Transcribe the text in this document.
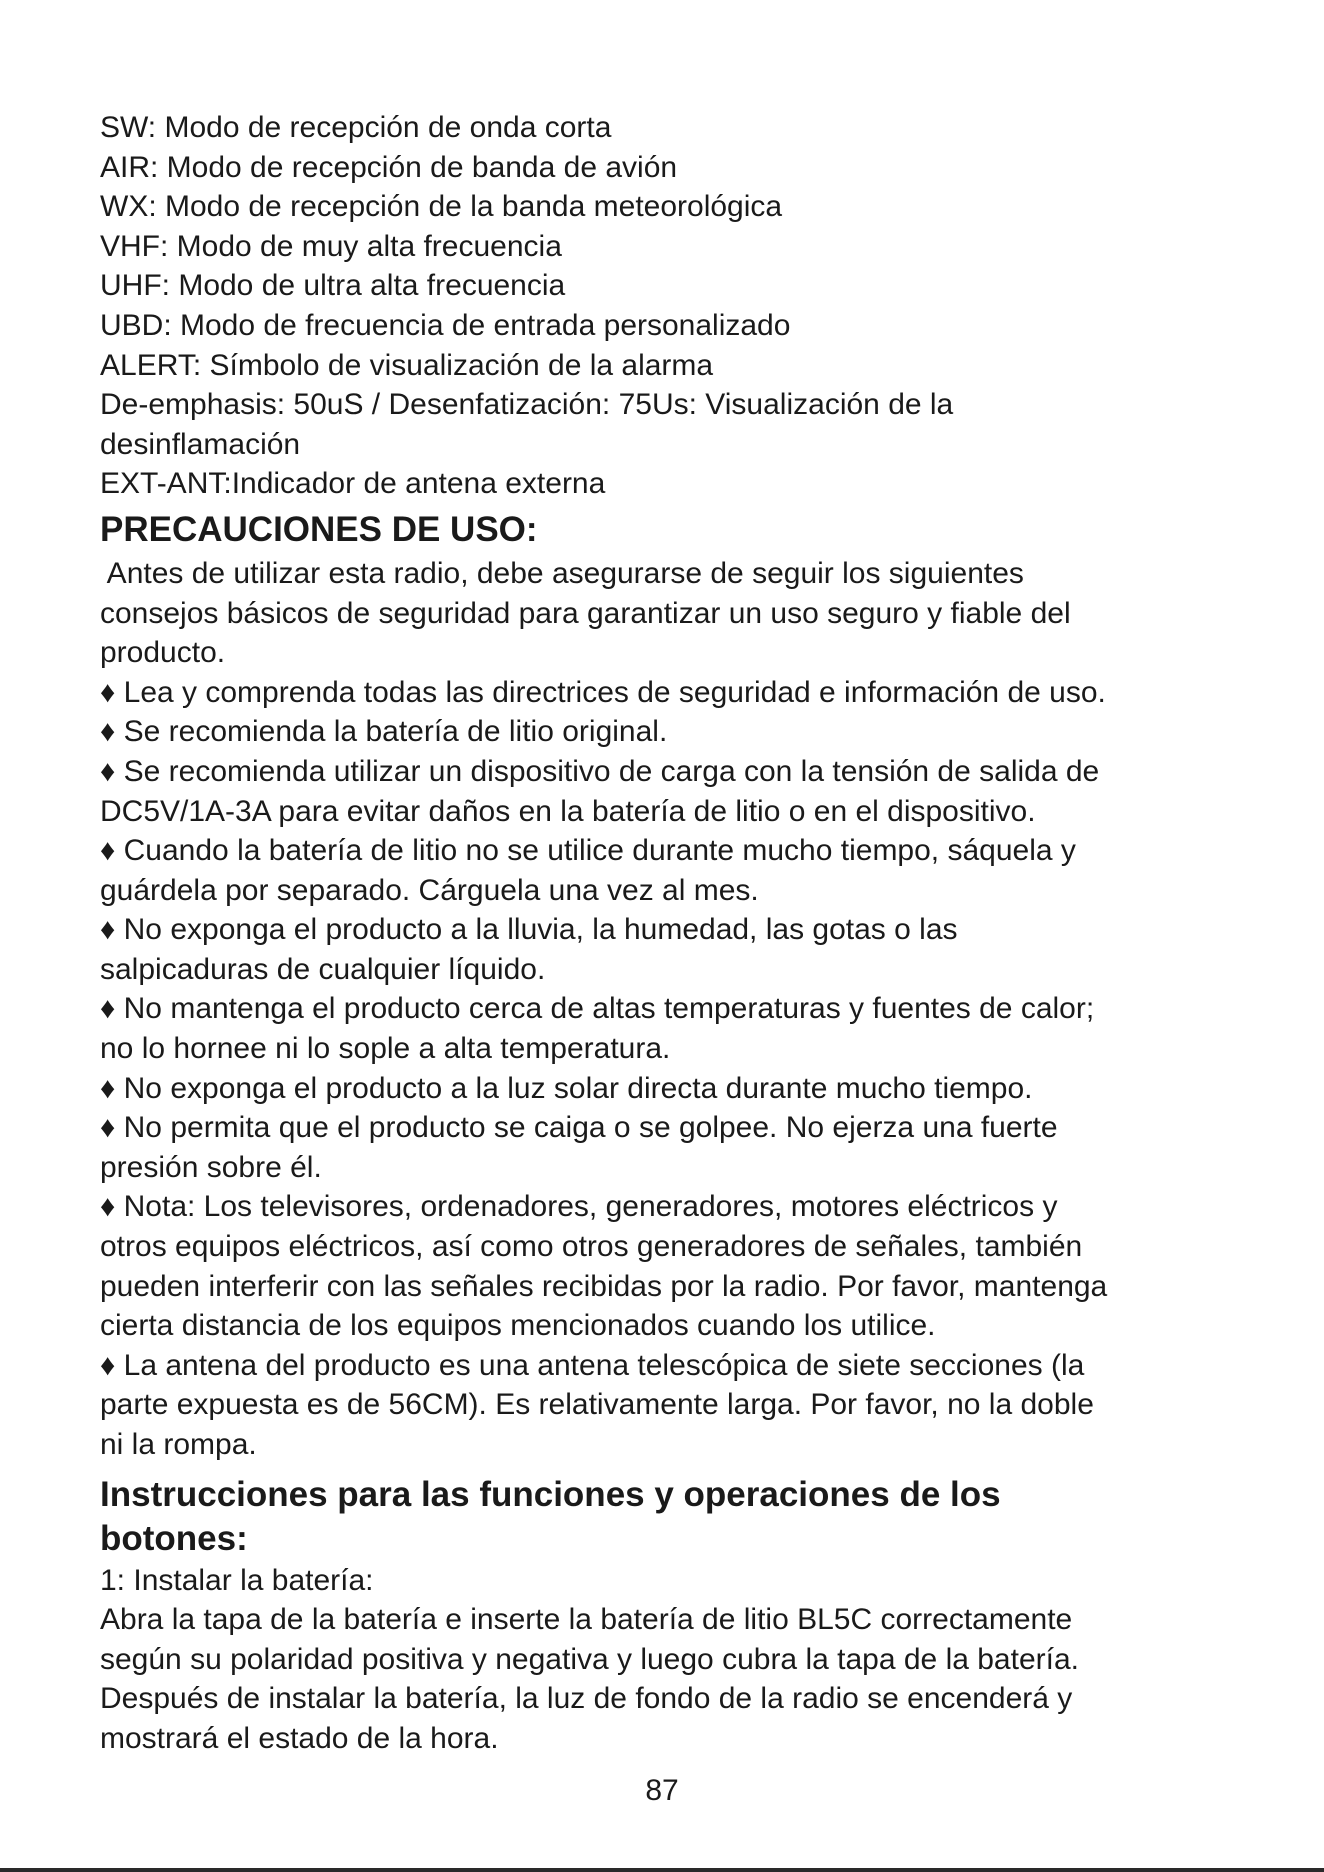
SW: Modo de recepción de onda corta
AIR: Modo de recepción de banda de avión
WX: Modo de recepción de la banda meteorológica
VHF: Modo de muy alta frecuencia
UHF: Modo de ultra alta frecuencia
UBD: Modo de frecuencia de entrada personalizado
ALERT: Símbolo de visualización de la alarma
De-emphasis: 50uS / Desenfatización: 75Us: Visualización de la
desinflamación
EXT-ANT:Indicador de antena externa
PRECAUCIONES DE USO:
Antes de utilizar esta radio, debe asegurarse de seguir los siguientes
consejos básicos de seguridad para garantizar un uso seguro y fiable del
producto.
♦ Lea y comprenda todas las directrices de seguridad e información de uso.
♦ Se recomienda la batería de litio original.
♦ Se recomienda utilizar un dispositivo de carga con la tensión de salida de
DC5V/1A-3A para evitar daños en la batería de litio o en el dispositivo.
♦ Cuando la batería de litio no se utilice durante mucho tiempo, sáquela y
guárdela por separado. Cárguela una vez al mes.
♦ No exponga el producto a la lluvia, la humedad, las gotas o las
salpicaduras de cualquier líquido.
♦ No mantenga el producto cerca de altas temperaturas y fuentes de calor;
no lo hornee ni lo sople a alta temperatura.
♦ No exponga el producto a la luz solar directa durante mucho tiempo.
♦ No permita que el producto se caiga o se golpee. No ejerza una fuerte
presión sobre él.
♦ Nota: Los televisores, ordenadores, generadores, motores eléctricos y
otros equipos eléctricos, así como otros generadores de señales, también
pueden interferir con las señales recibidas por la radio. Por favor, mantenga
cierta distancia de los equipos mencionados cuando los utilice.
♦ La antena del producto es una antena telescópica de siete secciones (la
parte expuesta es de 56CM). Es relativamente larga. Por favor, no la doble
ni la rompa.
Instrucciones para las funciones y operaciones de los
botones:
1: Instalar la batería:
Abra la tapa de la batería e inserte la batería de litio BL5C correctamente
según su polaridad positiva y negativa y luego cubra la tapa de la batería.
Después de instalar la batería, la luz de fondo de la radio se encenderá y
mostrará el estado de la hora.
87
